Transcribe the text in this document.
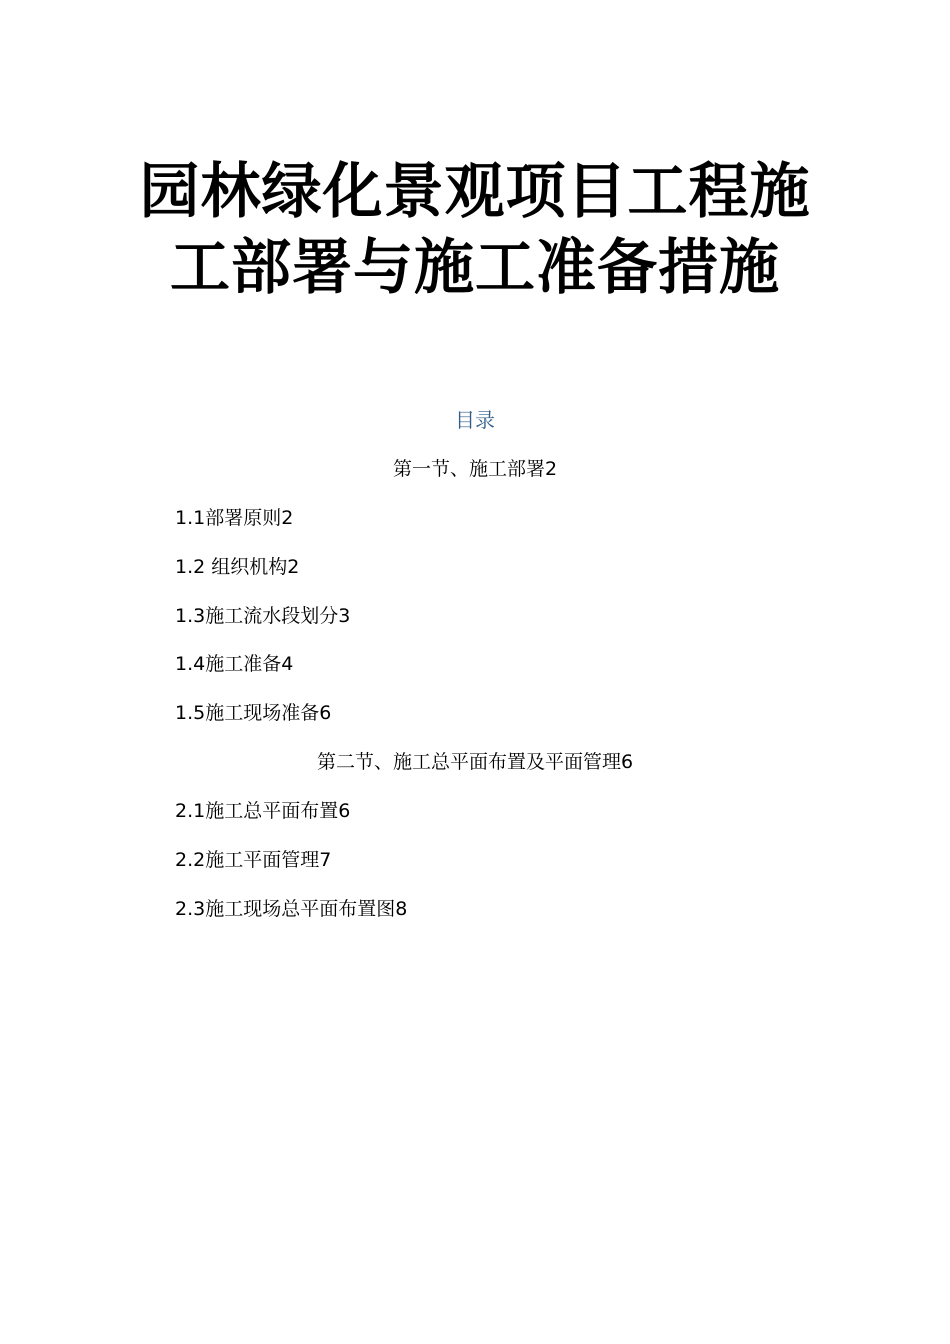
园林绿化景观项目工程施
工部署与施工准备措施
目录
第一节、施工部署2
1.1部署原则2
1.2 组织机构2
1.3施工流水段划分3
1.4施工准备4
1.5施工现场准备6
第二节、施工总平面布置及平面管理6
2.1施工总平面布置6
2.2施工平面管理7
2.3施工现场总平面布置图8
